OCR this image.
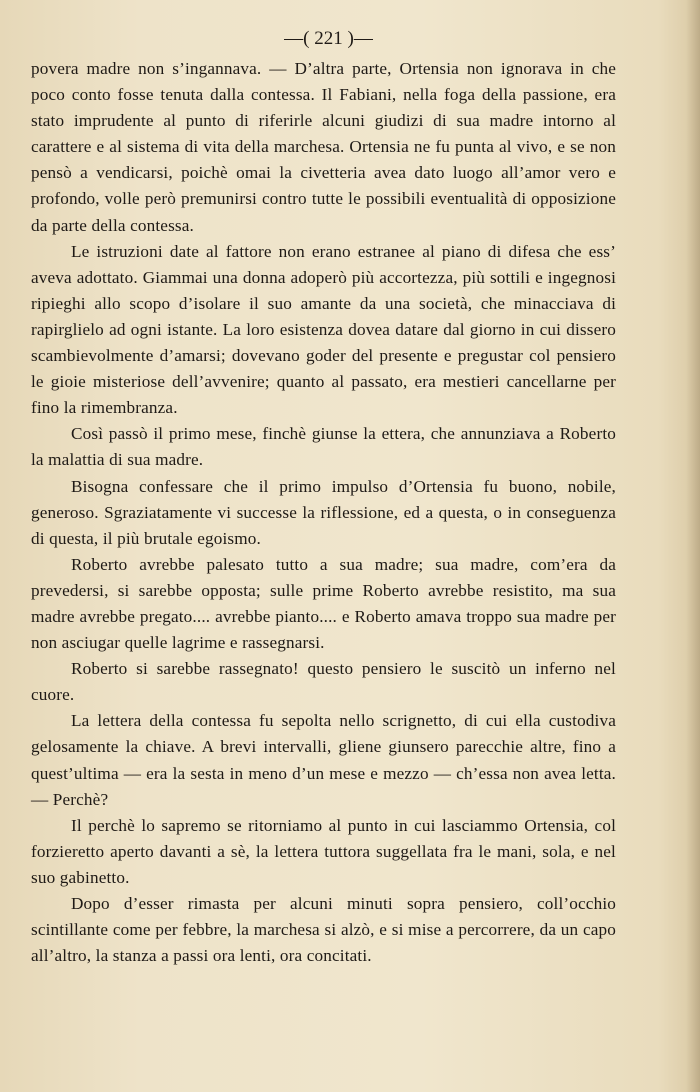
—( 221 )—

povera madre non s’ingannava. — D’altra parte, Ortensia non ignorava in che poco conto fosse tenuta dalla contessa. Il Fabiani, nella foga della passione, era stato imprudente al punto di riferirle alcuni giudizi di sua madre intorno al carattere e al sistema di vita della marchesa. Ortensia ne fu punta al vivo, e se non pensò a vendicarsi, poichè omai la civetteria avea dato luogo all’amor vero e profondo, volle però premunirsi contro tutte le possibili eventualità di opposizione da parte della contessa.

Le istruzioni date al fattore non erano estranee al piano di difesa che ess’ aveva adottato. Giammai una donna adoperò più accortezza, più sottili e ingegnosi ripieghi allo scopo d’isolare il suo amante da una società, che minacciava di rapirglielo ad ogni istante. La loro esistenza dovea datare dal giorno in cui dissero scambievolmente d’amarsi; dovevano goder del presente e pregustar col pensiero le gioie misteriose dell’avvenire; quanto al passato, era mestieri cancellarne per fino la rimembranza.

Così passò il primo mese, finchè giunse la ettera, che annunziava a Roberto la malattia di sua madre.

Bisogna confessare che il primo impulso d’Ortensia fu buono, nobile, generoso. Sgraziatamente vi successe la riflessione, ed a questa, o in conseguenza di questa, il più brutale egoismo.

Roberto avrebbe palesato tutto a sua madre; sua madre, com’era da prevedersi, si sarebbe opposta; sulle prime Roberto avrebbe resistito, ma sua madre avrebbe pregato.... avrebbe pianto.... e Roberto amava troppo sua madre per non asciugar quelle lagrime e rassegnarsi.

Roberto si sarebbe rassegnato! questo pensiero le suscitò un inferno nel cuore.

La lettera della contessa fu sepolta nello scrignetto, di cui ella custodiva gelosamente la chiave. A brevi intervalli, gliene giunsero parecchie altre, fino a quest’ultima — era la sesta in meno d’un mese e mezzo — ch’essa non avea letta. — Perchè?

Il perchè lo sapremo se ritorniamo al punto in cui lasciammo Ortensia, col forzieretto aperto davanti a sè, la lettera tuttora suggellata fra le mani, sola, e nel suo gabinetto.

Dopo d’esser rimasta per alcuni minuti sopra pensiero, coll’occhio scintillante come per febbre, la marchesa si alzò, e si mise a percorrere, da un capo all’altro, la stanza a passi ora lenti, ora concitati.
